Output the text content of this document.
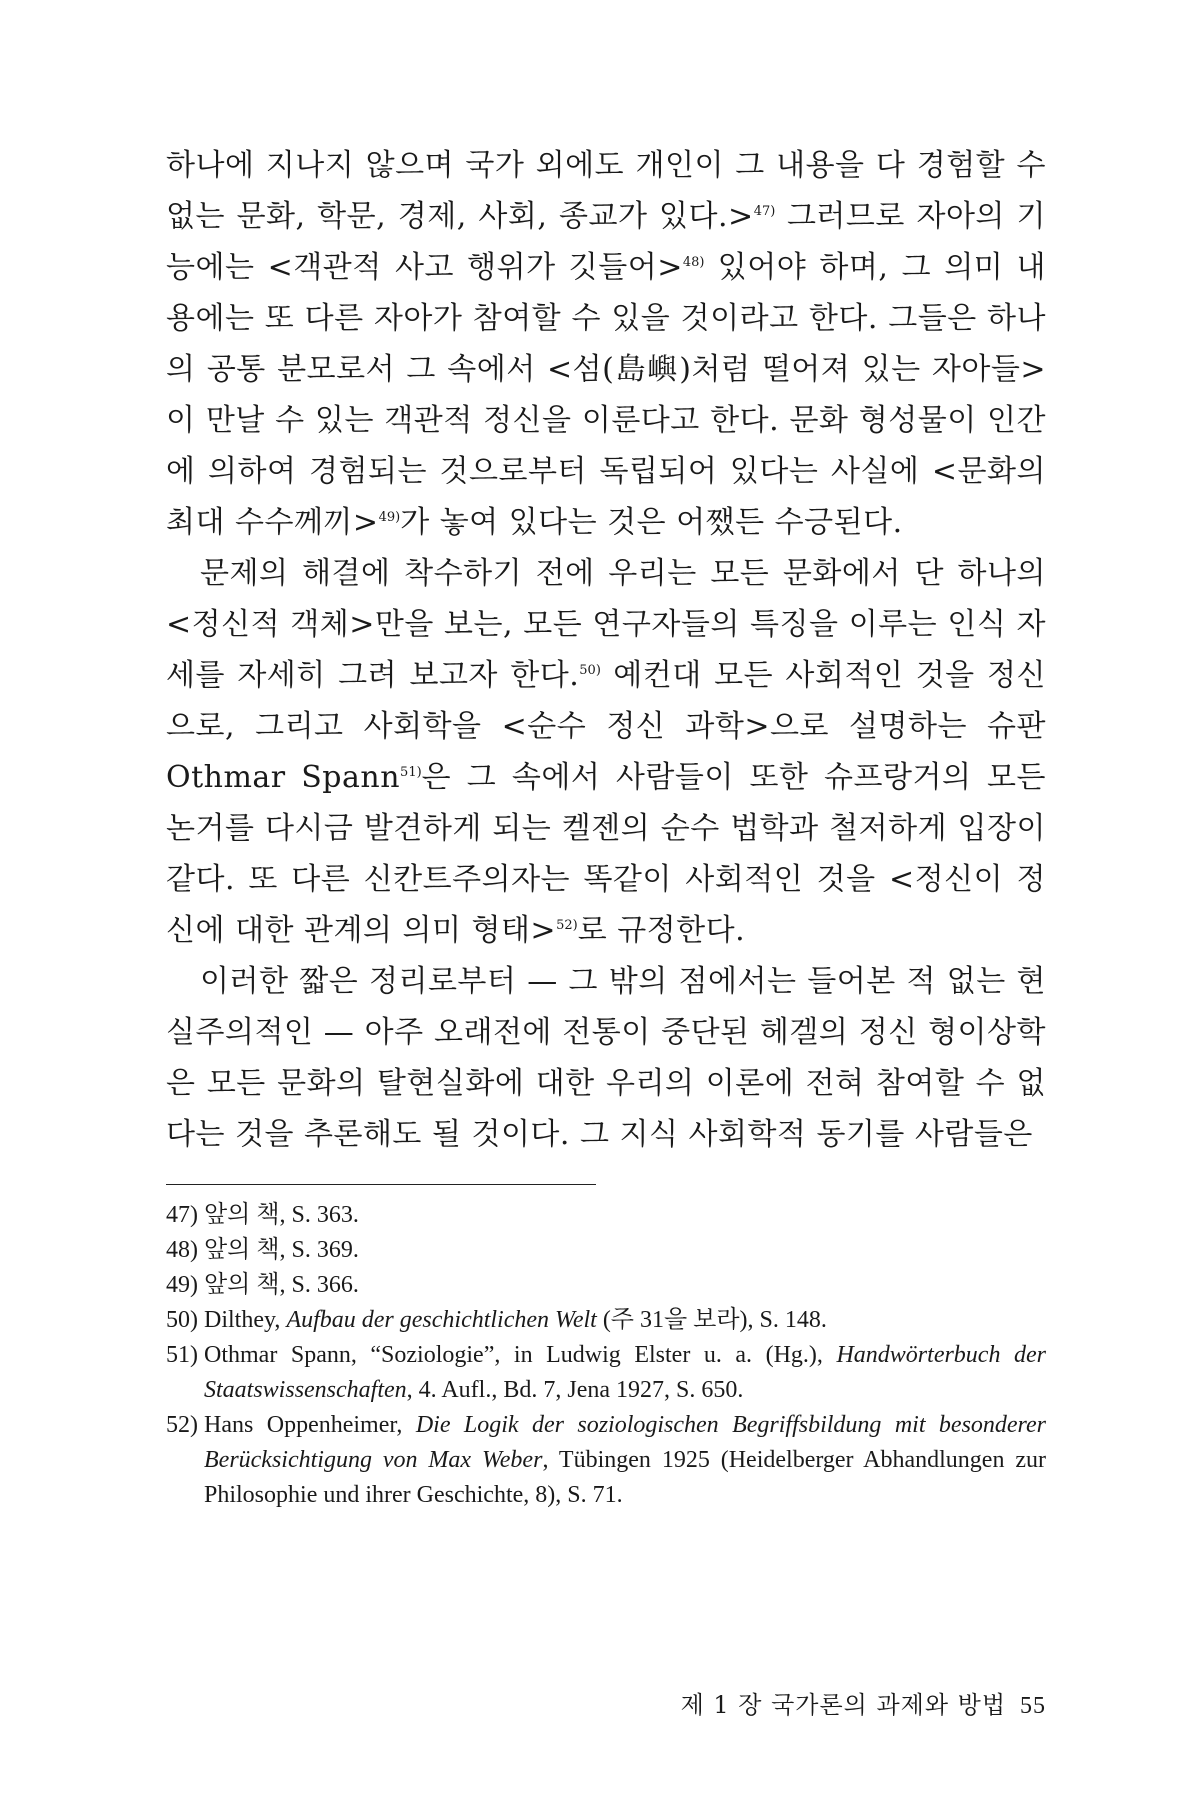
하나에 지나지 않으며 국가 외에도 개인이 그 내용을 다 경험할 수 없는 문화, 학문, 경제, 사회, 종교가 있다.>$^{47)}$ 그러므로 자아의 기능에는 <객관적 사고 행위가 깃들어>$^{48)}$ 있어야 하며, 그 의미 내용에는 또 다른 자아가 참여할 수 있을 것이라고 한다. 그들은 하나의 공통 분모로서 그 속에서 <섬(島嶼)처럼 떨어져 있는 자아들>이 만날 수 있는 객관적 정신을 이룬다고 한다. 문화 형성물이 인간에 의하여 경험되는 것으로부터 독립되어 있다는 사실에 <문화의 최대 수수께끼>$^{49)}$가 놓여 있다는 것은 어쨌든 수긍된다.

문제의 해결에 착수하기 전에 우리는 모든 문화에서 단 하나의 <정신적 객체>만을 보는, 모든 연구자들의 특징을 이루는 인식 자세를 자세히 그려 보고자 한다.$^{50)}$ 예컨대 모든 사회적인 것을 정신으로, 그리고 사회학을 <순수 정신 과학>으로 설명하는 슈판 Othmar Spann$^{51)}$은 그 속에서 사람들이 또한 슈프랑거의 모든 논거를 다시금 발견하게 되는 켈젠의 순수 법학과 철저하게 입장이 같다. 또 다른 신칸트주의자는 똑같이 사회적인 것을 <정신이 정신에 대한 관계의 의미 형태>$^{52)}$로 규정한다.

이러한 짧은 정리로부터 — 그 밖의 점에서는 들어본 적 없는 현실주의적인 — 아주 오래전에 전통이 중단된 헤겔의 정신 형이상학은 모든 문화의 탈현실화에 대한 우리의 이론에 전혀 참여할 수 없다는 것을 추론해도 될 것이다. 그 지식 사회학적 동기를 사람들은

47) 앞의 책, S. 363.

48) 앞의 책, S. 369.

49) 앞의 책, S. 366.

50) Dilthey, Aufbau der geschichtlichen Welt (주 31을 보라), S. 148.

51) Othmar Spann, “Soziologie”, in Ludwig Elster u. a. (Hg.), Handwörterbuch der Staatswissenschaften, 4. Aufl., Bd. 7, Jena 1927, S. 650.

52) Hans Oppenheimer, Die Logik der soziologischen Begriffsbildung mit besonderer Berücksichtigung von Max Weber, Tübingen 1925 (Heidelberger Abhandlungen zur Philosophie und ihrer Geschichte, 8), S. 71.

제 1 장 국가론의 과제와 방법 55
